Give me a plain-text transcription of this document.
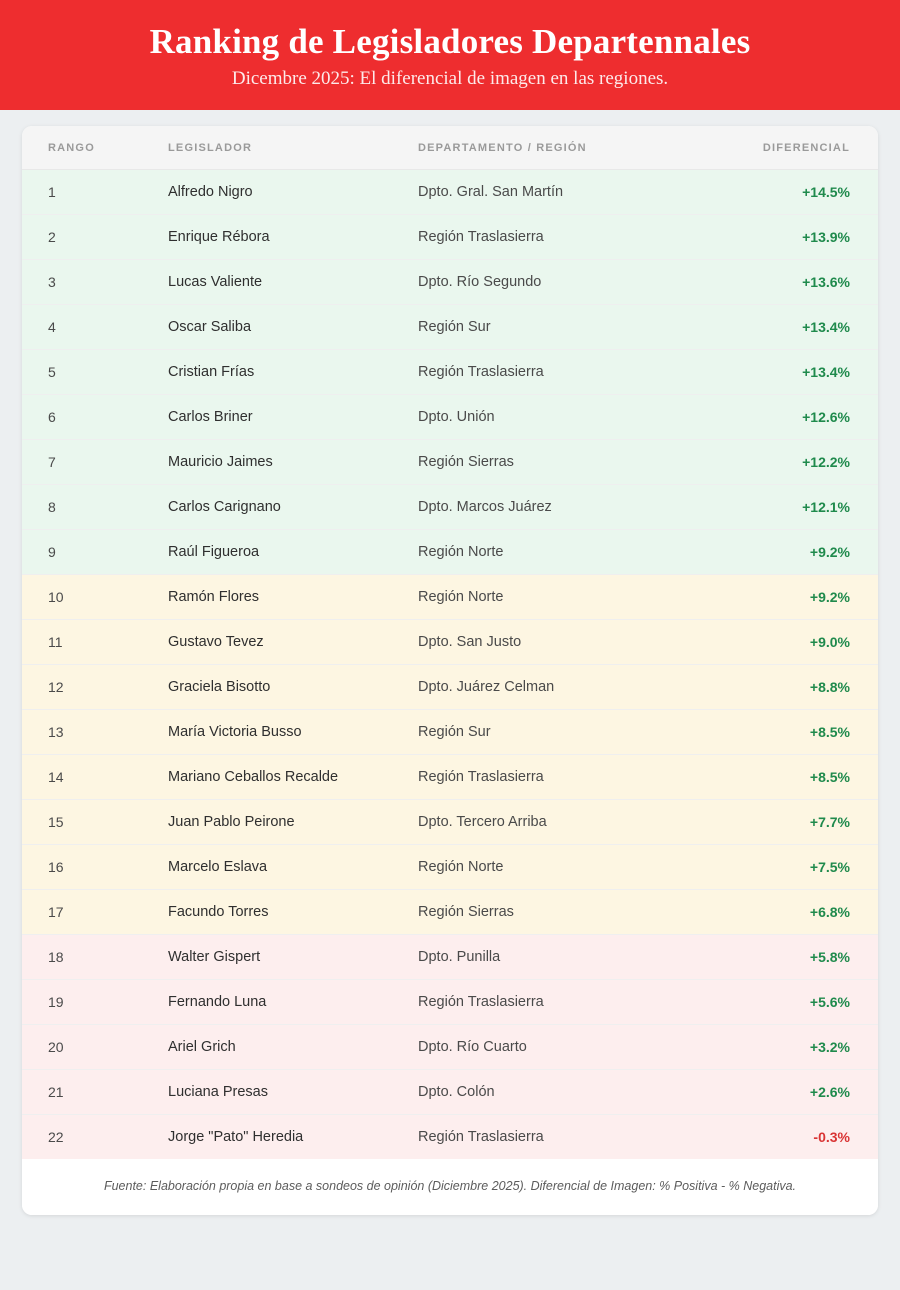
Ranking de Legisladores Departennales

Dicembre 2025: El diferencial de imagen en las regiones.

RANGO	LEGISLADOR	DEPARTAMENTO / REGIÓN	DIFERENCIAL
1	Alfredo Nigro	Dpto. Gral. San Martín	+14.5%
2	Enrique Rébora	Región Traslasierra	+13.9%
3	Lucas Valiente	Dpto. Río Segundo	+13.6%
4	Oscar Saliba	Región Sur	+13.4%
5	Cristian Frías	Región Traslasierra	+13.4%
6	Carlos Briner	Dpto. Unión	+12.6%
7	Mauricio Jaimes	Región Sierras	+12.2%
8	Carlos Carignano	Dpto. Marcos Juárez	+12.1%
9	Raúl Figueroa	Región Norte	+9.2%
10	Ramón Flores	Región Norte	+9.2%
11	Gustavo Tevez	Dpto. San Justo	+9.0%
12	Graciela Bisotto	Dpto. Juárez Celman	+8.8%
13	María Victoria Busso	Región Sur	+8.5%
14	Mariano Ceballos Recalde	Región Traslasierra	+8.5%
15	Juan Pablo Peirone	Dpto. Tercero Arriba	+7.7%
16	Marcelo Eslava	Región Norte	+7.5%
17	Facundo Torres	Región Sierras	+6.8%
18	Walter Gispert	Dpto. Punilla	+5.8%
19	Fernando Luna	Región Traslasierra	+5.6%
20	Ariel Grich	Dpto. Río Cuarto	+3.2%
21	Luciana Presas	Dpto. Colón	+2.6%
22	Jorge "Pato" Heredia	Región Traslasierra	-0.3%
Fuente: Elaboración propia en base a sondeos de opinión (Diciembre 2025). Diferencial de Imagen: % Positiva - % Negativa.
